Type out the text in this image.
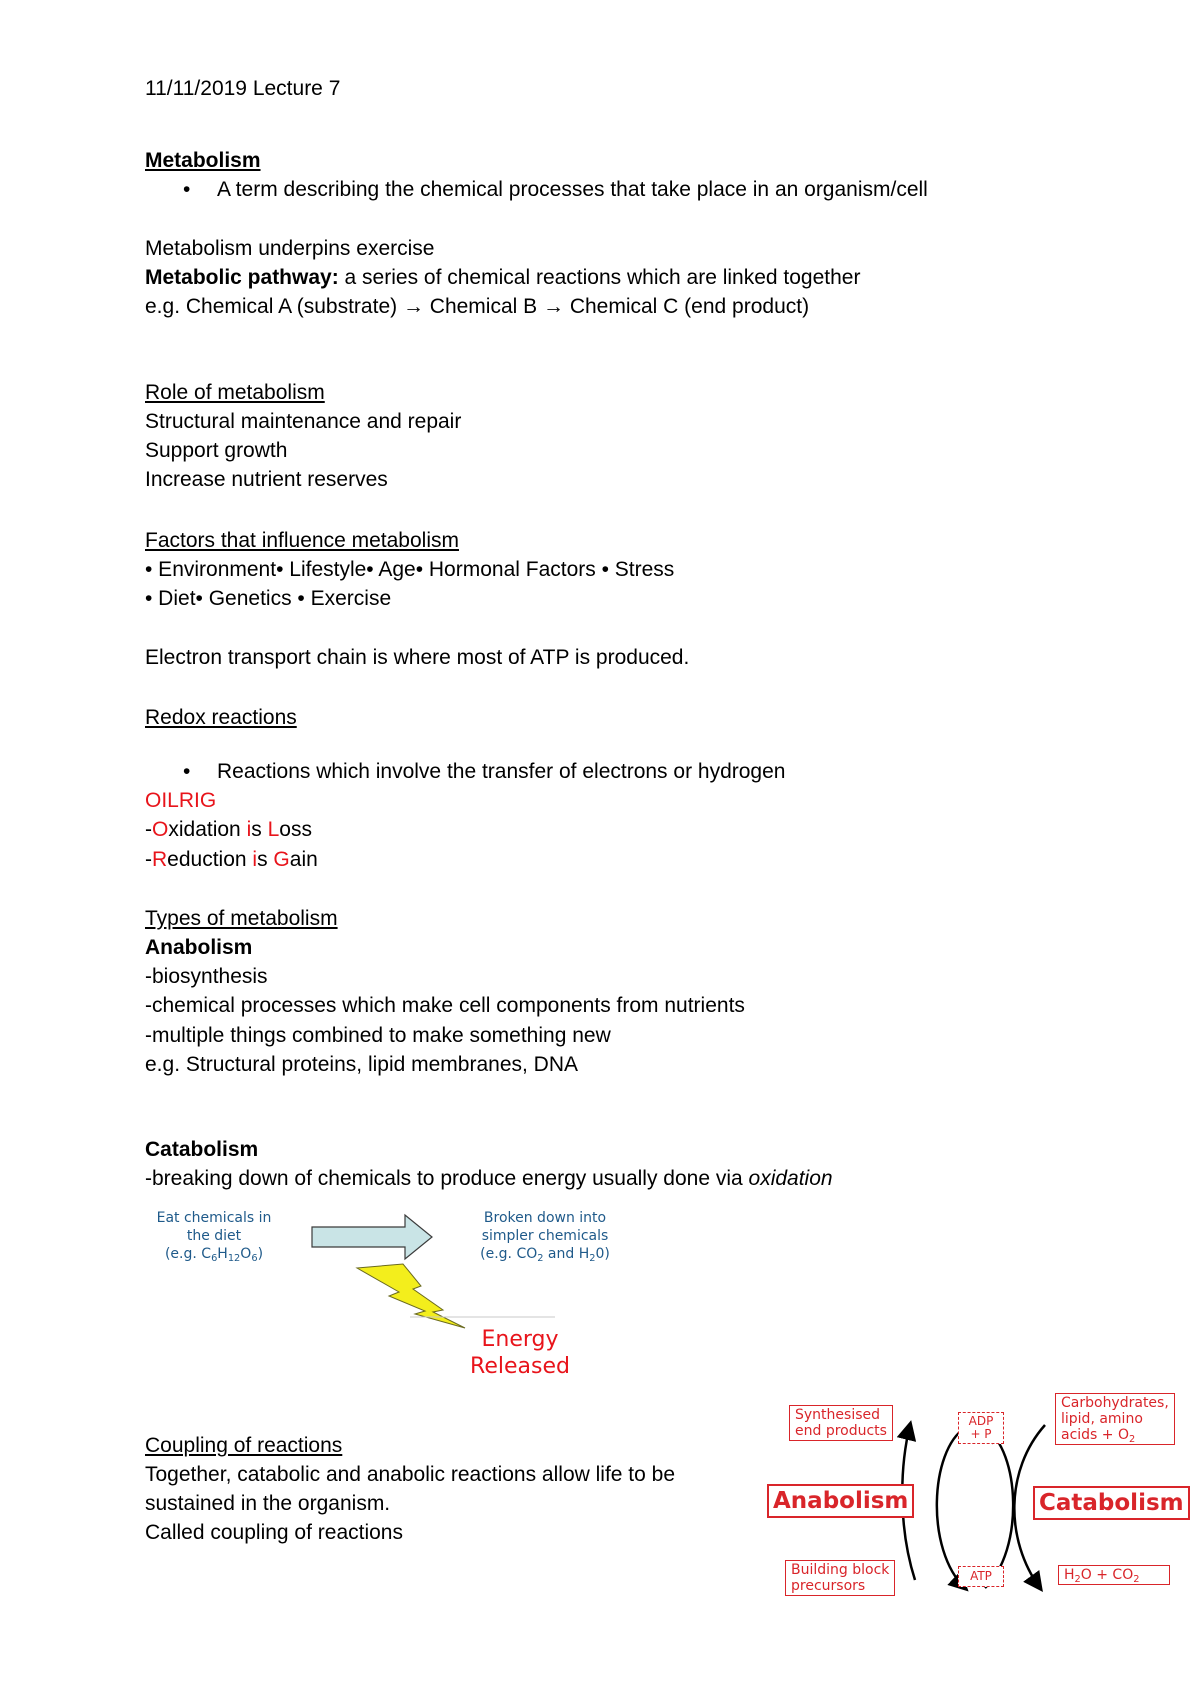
11/11/2019 Lecture 7
Metabolism
• A term describing the chemical processes that take place in an organism/cell
Metabolism underpins exercise
Metabolic pathway: a series of chemical reactions which are linked together
e.g. Chemical A (substrate) → Chemical B → Chemical C (end product)
Role of metabolism
Structural maintenance and repair
Support growth
Increase nutrient reserves
Factors that influence metabolism
• Environment• Lifestyle• Age• Hormonal Factors • Stress
• Diet• Genetics • Exercise
Electron transport chain is where most of ATP is produced.
Redox reactions
• Reactions which involve the transfer of electrons or hydrogen
OILRIG
-Oxidation is Loss
-Reduction is Gain
Types of metabolism
Anabolism
-biosynthesis
-chemical processes which make cell components from nutrients
-multiple things combined to make something new
e.g. Structural proteins, lipid membranes, DNA
Catabolism
-breaking down of chemicals to produce energy usually done via oxidation
Eat chemicals in
the diet
(e.g. $C_6H_{12}O_6$)
Broken down into
simpler chemicals
(e.g. $CO_2$ and $H_20$)
Energy
Released
Coupling of reactions
Together, catabolic and anabolic reactions allow life to be
sustained in the organism.
Called coupling of reactions
Synthesised
end products
ADP
+ P
Carbohydrates,
lipid, amino
acids + $O_2$
Anabolism	Catabolism
Building block
precursors
ATP	$H_2O + CO_2$
